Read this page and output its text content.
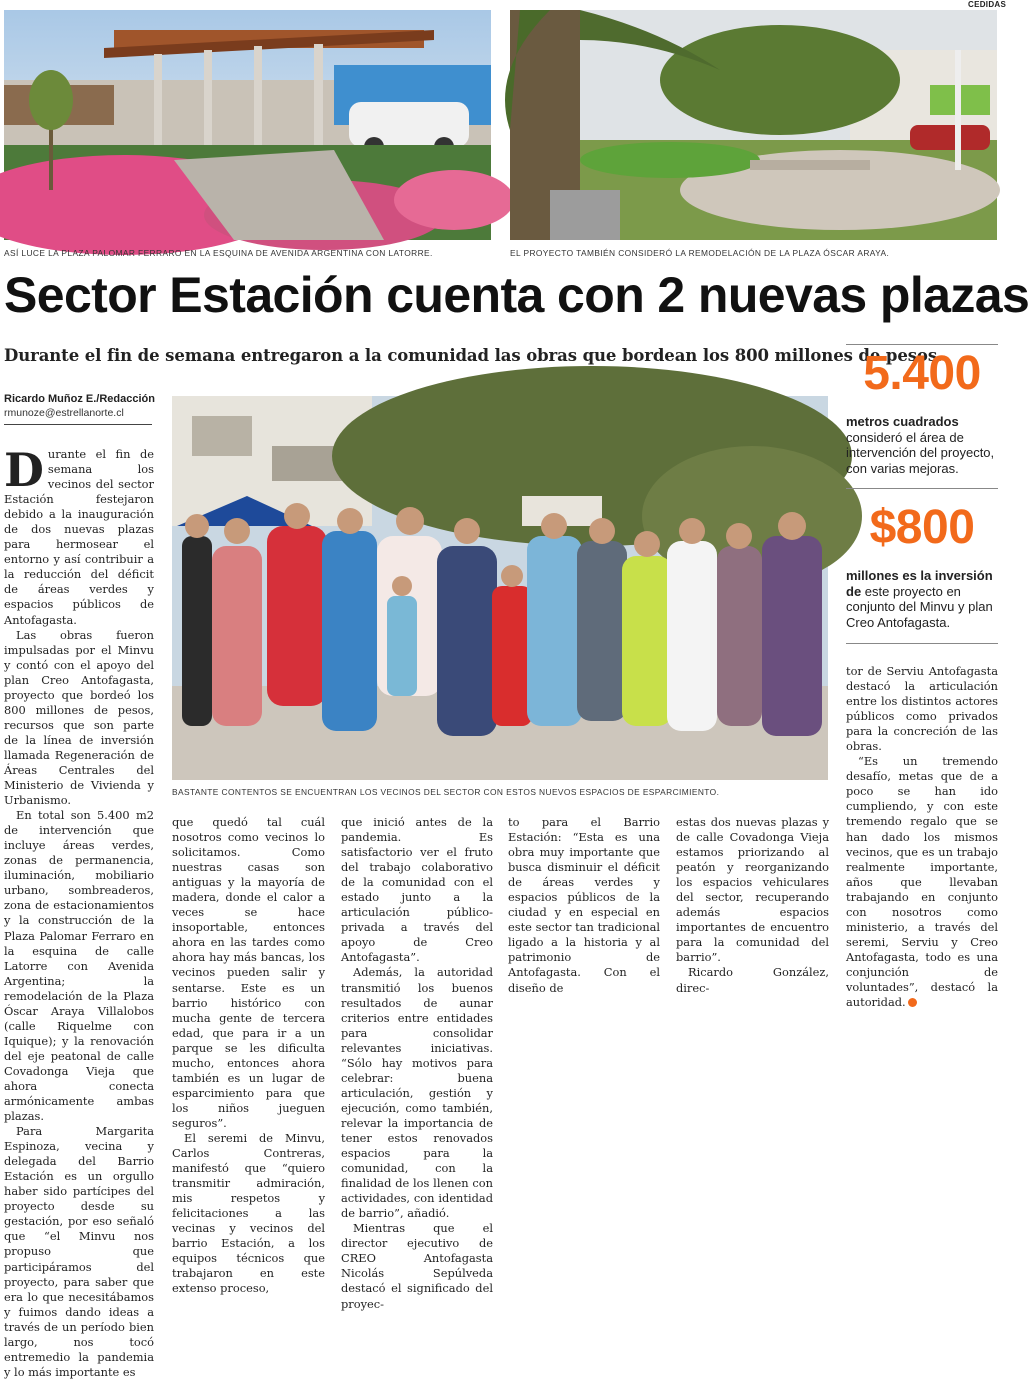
CEDIDAS
ASÍ LUCE LA PLAZA PALOMAR FERRARO EN LA ESQUINA DE AVENIDA ARGENTINA CON LATORRE.	EL PROYECTO TAMBIÉN CONSIDERÓ LA REMODELACIÓN DE LA PLAZA ÓSCAR ARAYA.
Sector Estación cuenta con 2 nuevas plazas
Durante el fin de semana entregaron a la comunidad las obras que bordean los 800 millones de pesos.
Ricardo Muñoz E./Redacción
rmunoze@estrellanorte.cl
BASTANTE CONTENTOS SE ENCUENTRAN LOS VECINOS DEL SECTOR CON ESTOS NUEVOS ESPACIOS DE ESPARCIMIENTO.

Durante el fin de semana los vecinos del sector Estación festejaron debido a la inauguración de dos nuevas plazas para hermosear el entorno y así contribuir a la reducción del déficit de áreas verdes y espacios públicos de Antofagasta.

Las obras fueron impulsadas por el Minvu y contó con el apoyo del plan Creo Antofagasta, proyecto que bordeó los 800 millones de pesos, recursos que son parte de la línea de inversión llamada Regeneración de Áreas Centrales del Ministerio de Vivienda y Urbanismo.

En total son 5.400 m2 de intervención que incluye áreas verdes, zonas de permanencia, iluminación, mobiliario urbano, sombreaderos, zona de estacionamientos y la construcción de la Plaza Palomar Ferraro en la esquina de calle Latorre con Avenida Argentina; la remodelación de la Plaza Óscar Araya Villalobos (calle Riquelme con Iquique); y la renovación del eje peatonal de calle Covadonga Vieja que ahora conecta armónicamente ambas plazas.

Para Margarita Espinoza, vecina y delegada del Barrio Estación es un orgullo haber sido partícipes del proyecto desde su gestación, por eso señaló que “el Minvu nos propuso que participáramos del proyecto, para saber que era lo que necesitábamos y fuimos dando ideas a través de un período bien largo, nos tocó entremedio la pandemia y lo más importante es

que quedó tal cuál nosotros como vecinos lo solicitamos. Como nuestras casas son antiguas y la mayoría de madera, donde el calor a veces se hace insoportable, entonces ahora en las tardes como ahora hay más bancas, los vecinos pueden salir y sentarse. Este es un barrio histórico con mucha gente de tercera edad, que para ir a un parque se les dificulta mucho, entonces ahora también es un lugar de esparcimiento para que los niños jueguen seguros”.

El seremi de Minvu, Carlos Contreras, manifestó que “quiero transmitir admiración, mis respetos y felicitaciones a las vecinas y vecinos del barrio Estación, a los equipos técnicos que trabajaron en este extenso proceso,

que inició antes de la pandemia. Es satisfactorio ver el fruto del trabajo colaborativo de la comunidad con el estado junto a la articulación público- privada a través del apoyo de Creo Antofagasta”.

Además, la autoridad transmitió los buenos resultados de aunar criterios entre entidades para consolidar relevantes iniciativas. “Sólo hay motivos para celebrar: buena articulación, gestión y ejecución, como también, relevar la importancia de tener estos renovados espacios para la comunidad, con la finalidad de los llenen con actividades, con identidad de barrio”, añadió.

Mientras que el director ejecutivo de CREO Antofagasta Nicolás Sepúlveda destacó el significado del proyec-

to para el Barrio Estación: “Esta es una obra muy importante que busca disminuir el déficit de áreas verdes y espacios públicos de la ciudad y en especial en este sector tan tradicional ligado a la historia y al patrimonio de Antofagasta. Con el diseño de

estas dos nuevas plazas y de calle Covadonga Vieja estamos priorizando al peatón y reorganizando los espacios vehiculares del sector, recuperando además espacios importantes de encuentro para la comunidad del barrio”.

Ricardo González, direc-

tor de Serviu Antofagasta destacó la articulación entre los distintos actores públicos como privados para la concreción de las obras.

“Es un tremendo desafío, metas que de a poco se han ido cumpliendo, y con este tremendo regalo que se han dado los mismos vecinos, que es un trabajo realmente importante, años que llevaban trabajando en conjunto con nosotros como ministerio, a través del seremi, Serviu y Creo Antofagasta, todo es una conjunción de voluntades”, destacó la autoridad.

5.400
metros cuadrados consideró el área de intervención del proyecto, con varias mejoras.
$800
millones es la inversión de este proyecto en conjunto del Minvu y plan Creo Antofagasta.
